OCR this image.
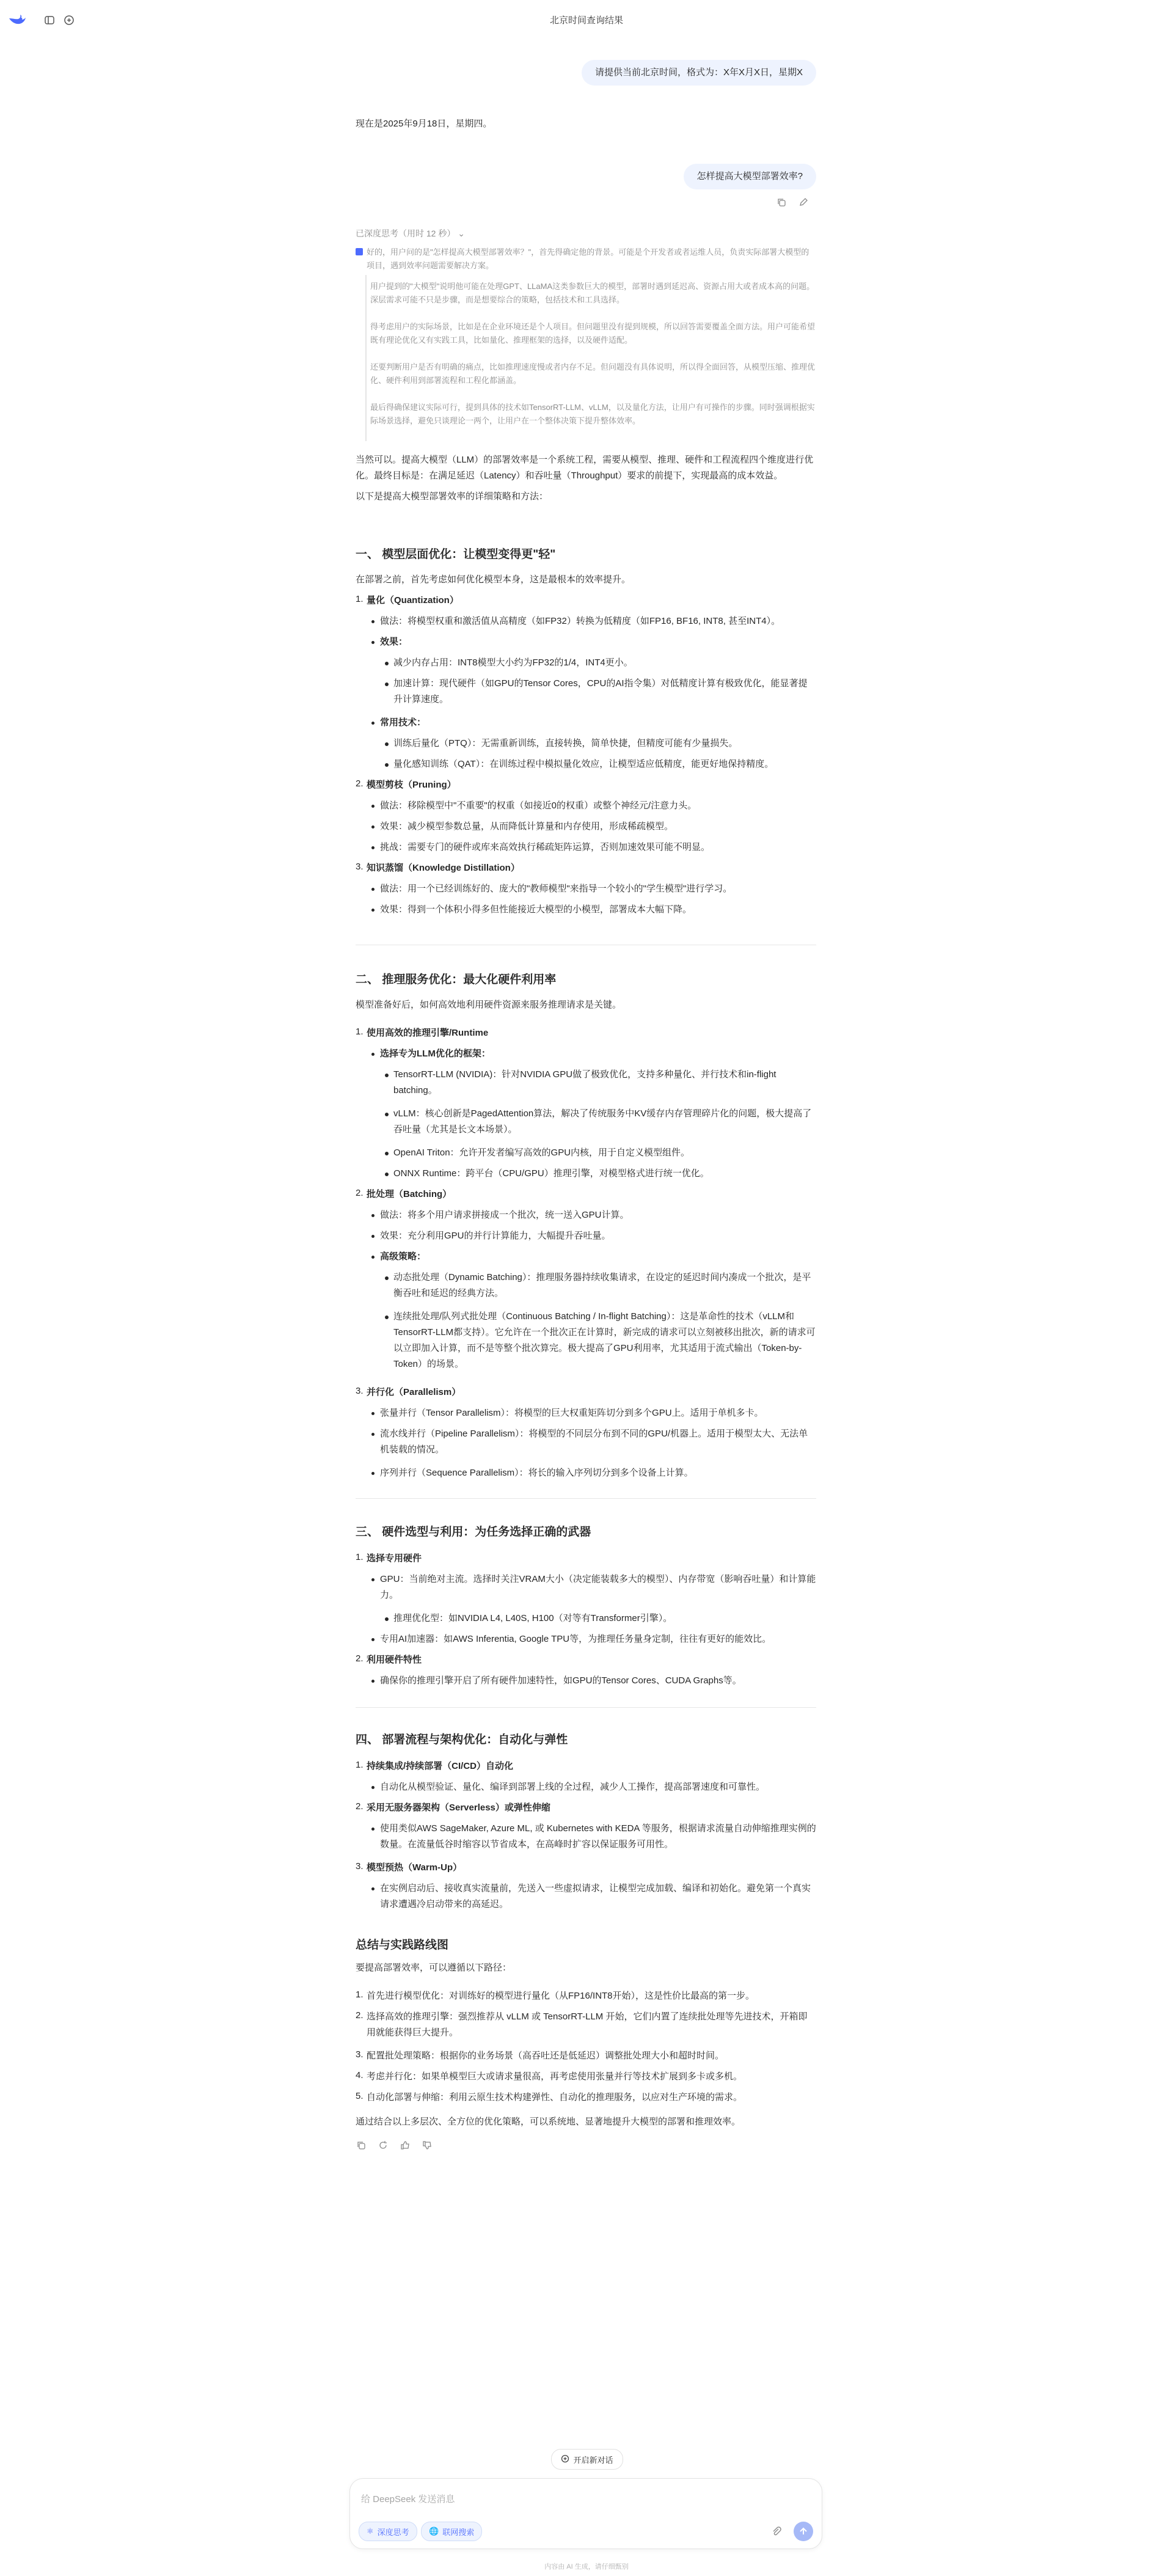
北京时间查询结果
请提供当前北京时间，格式为：X年X月X日，星期X

现在是2025年9月18日，星期四。

怎样提高大模型部署效率?
已深度思考（用时 12 秒） ⌄
好的，用户问的是"怎样提高大模型部署效率？"，首先得确定他的背景。可能是个开发者或者运维人员，负责实际部署大模型的项目，遇到效率问题需要解决方案。
用户提到的"大模型"说明他可能在处理GPT、LLaMA这类参数巨大的模型，部署时遇到延迟高、资源占用大或者成本高的问题。深层需求可能不只是步骤，而是想要综合的策略，包括技术和工具选择。
得考虑用户的实际场景，比如是在企业环境还是个人项目。但问题里没有提到规模，所以回答需要覆盖全面方法。用户可能希望既有理论优化又有实践工具，比如量化、推理框架的选择，以及硬件适配。
还要判断用户是否有明确的痛点，比如推理速度慢或者内存不足。但问题没有具体说明，所以得全面回答，从模型压缩、推理优化、硬件利用到部署流程和工程化都涵盖。
最后得确保建议实际可行，提到具体的技术如TensorRT-LLM、vLLM，以及量化方法，让用户有可操作的步骤。同时强调根据实际场景选择，避免只谈理论一两个，让用户在一个整体决策下提升整体效率。
当然可以。提高大模型（LLM）的部署效率是一个系统工程，需要从模型、推理、硬件和工程流程四个维度进行优化。最终目标是：在满足延迟（Latency）和吞吐量（Throughput）要求的前提下，实现最高的成本效益。
以下是提高大模型部署效率的详细策略和方法：
一、 模型层面优化：让模型变得更"轻"
在部署之前，首先考虑如何优化模型本身，这是最根本的效率提升。
1. 量化（Quantization）
做法：将模型权重和激活值从高精度（如FP32）转换为低精度（如FP16, BF16, INT8, 甚至INT4）。
效果：
减少内存占用：INT8模型大小约为FP32的1/4，INT4更小。
加速计算：现代硬件（如GPU的Tensor Cores，CPU的AI指令集）对低精度计算有极致优化，能显著提升计算速度。
常用技术：
训练后量化（PTQ）：无需重新训练，直接转换，简单快捷，但精度可能有少量损失。
量化感知训练（QAT）：在训练过程中模拟量化效应，让模型适应低精度，能更好地保持精度。
2. 模型剪枝（Pruning）
做法：移除模型中"不重要"的权重（如接近0的权重）或整个神经元/注意力头。
效果：减少模型参数总量，从而降低计算量和内存使用，形成稀疏模型。
挑战：需要专门的硬件或库来高效执行稀疏矩阵运算，否则加速效果可能不明显。
3. 知识蒸馏（Knowledge Distillation）
做法：用一个已经训练好的、庞大的"教师模型"来指导一个较小的"学生模型"进行学习。
效果：得到一个体积小得多但性能接近大模型的小模型，部署成本大幅下降。
二、 推理服务优化：最大化硬件利用率
模型准备好后，如何高效地利用硬件资源来服务推理请求是关键。
1. 使用高效的推理引擎/Runtime
选择专为LLM优化的框架：
TensorRT-LLM (NVIDIA)：针对NVIDIA GPU做了极致优化，支持多种量化、并行技术和in-flight batching。
vLLM：核心创新是PagedAttention算法，解决了传统服务中KV缓存内存管理碎片化的问题，极大提高了吞吐量（尤其是长文本场景）。
OpenAI Triton：允许开发者编写高效的GPU内核，用于自定义模型组件。
ONNX Runtime：跨平台（CPU/GPU）推理引擎，对模型格式进行统一优化。
2. 批处理（Batching）
做法：将多个用户请求拼接成一个批次，统一送入GPU计算。
效果：充分利用GPU的并行计算能力，大幅提升吞吐量。
高级策略：
动态批处理（Dynamic Batching）：推理服务器持续收集请求，在设定的延迟时间内凑成一个批次，是平衡吞吐和延迟的经典方法。
连续批处理/队列式批处理（Continuous Batching / In-flight Batching）：这是革命性的技术（vLLM和TensorRT-LLM都支持）。它允许在一个批次正在计算时，新完成的请求可以立刻被移出批次，新的请求可以立即加入计算，而不是等整个批次算完。极大提高了GPU利用率，尤其适用于流式输出（Token-by-Token）的场景。
3. 并行化（Parallelism）
张量并行（Tensor Parallelism）：将模型的巨大权重矩阵切分到多个GPU上。适用于单机多卡。
流水线并行（Pipeline Parallelism）：将模型的不同层分布到不同的GPU/机器上。适用于模型太大、无法单机装载的情况。
序列并行（Sequence Parallelism）：将长的输入序列切分到多个设备上计算。
三、 硬件选型与利用：为任务选择正确的武器
1. 选择专用硬件
GPU：当前绝对主流。选择时关注VRAM大小（决定能装载多大的模型）、内存带宽（影响吞吐量）和计算能力。
推理优化型：如NVIDIA L4, L40S, H100（对等有Transformer引擎）。
专用AI加速器：如AWS Inferentia, Google TPU等，为推理任务量身定制，往往有更好的能效比。
2. 利用硬件特性
确保你的推理引擎开启了所有硬件加速特性，如GPU的Tensor Cores、CUDA Graphs等。
四、 部署流程与架构优化：自动化与弹性
1. 持续集成/持续部署（CI/CD）自动化
自动化从模型验证、量化、编译到部署上线的全过程，减少人工操作，提高部署速度和可靠性。
2. 采用无服务器架构（Serverless）或弹性伸缩
使用类似AWS SageMaker, Azure ML, 或 Kubernetes with KEDA 等服务，根据请求流量自动伸缩推理实例的数量。在流量低谷时缩容以节省成本，在高峰时扩容以保证服务可用性。
3. 模型预热（Warm-Up）
在实例启动后、接收真实流量前，先送入一些虚拟请求，让模型完成加载、编译和初始化。避免第一个真实请求遭遇冷启动带来的高延迟。
总结与实践路线图
要提高部署效率，可以遵循以下路径：
1. 首先进行模型优化：对训练好的模型进行量化（从FP16/INT8开始），这是性价比最高的第一步。
2. 选择高效的推理引擎：强烈推荐从 vLLM 或 TensorRT-LLM 开始，它们内置了连续批处理等先进技术，开箱即用就能获得巨大提升。
3. 配置批处理策略：根据你的业务场景（高吞吐还是低延迟）调整批处理大小和超时时间。
4. 考虑并行化：如果单模型巨大或请求量很高，再考虑使用张量并行等技术扩展到多卡或多机。
5. 自动化部署与伸缩：利用云原生技术构建弹性、自动化的推理服务，以应对生产环境的需求。
通过结合以上多层次、全方位的优化策略，可以系统地、显著地提升大模型的部署和推理效率。
开启新对话
给 DeepSeek 发送消息
⚛ 深度思考 🌐 联网搜索
内容由 AI 生成，请仔细甄别
